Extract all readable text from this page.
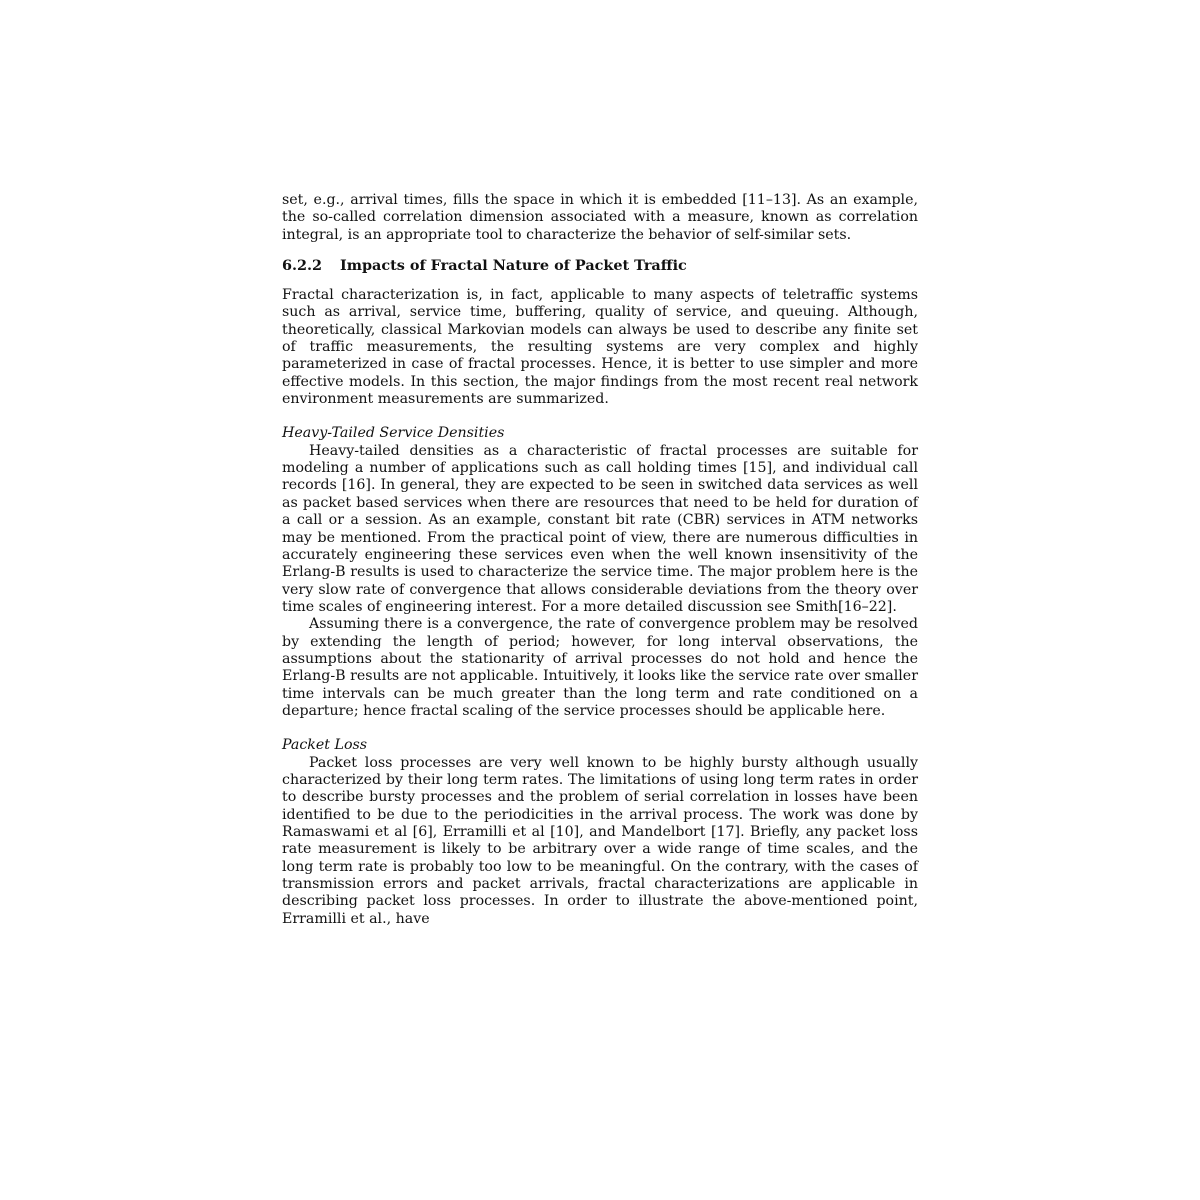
set, e.g., arrival times, fills the space in which it is embedded [11–13]. As an example, the so-called correlation dimension associated with a measure, known as correlation integral, is an appropriate tool to characterize the behavior of self-similar sets.

6.2.2 Impacts of Fractal Nature of Packet Traffic

Fractal characterization is, in fact, applicable to many aspects of teletraffic systems such as arrival, service time, buffering, quality of service, and queuing. Although, theoretically, classical Markovian models can always be used to describe any finite set of traffic measurements, the resulting systems are very complex and highly parameterized in case of fractal processes. Hence, it is better to use simpler and more effective models. In this section, the major findings from the most recent real network environment measurements are summarized.

Heavy-Tailed Service Densities

Heavy-tailed densities as a characteristic of fractal processes are suitable for modeling a number of applications such as call holding times [15], and individual call records [16]. In general, they are expected to be seen in switched data services as well as packet based services when there are resources that need to be held for duration of a call or a session. As an example, constant bit rate (CBR) services in ATM networks may be mentioned. From the practical point of view, there are numerous difficulties in accurately engineering these services even when the well known insensitivity of the Erlang-B results is used to characterize the service time. The major problem here is the very slow rate of convergence that allows considerable deviations from the theory over time scales of engineering interest. For a more detailed discussion see Smith[16–22].

Assuming there is a convergence, the rate of convergence problem may be resolved by extending the length of period; however, for long interval observations, the assumptions about the stationarity of arrival processes do not hold and hence the Erlang-B results are not applicable. Intuitively, it looks like the service rate over smaller time intervals can be much greater than the long term and rate conditioned on a departure; hence fractal scaling of the service processes should be applicable here.

Packet Loss

Packet loss processes are very well known to be highly bursty although usually characterized by their long term rates. The limitations of using long term rates in order to describe bursty processes and the problem of serial correlation in losses have been identified to be due to the periodicities in the arrival process. The work was done by Ramaswami et al [6], Erramilli et al [10], and Mandelbort [17]. Briefly, any packet loss rate measurement is likely to be arbitrary over a wide range of time scales, and the long term rate is probably too low to be meaningful. On the contrary, with the cases of transmission errors and packet arrivals, fractal characterizations are applicable in describing packet loss processes. In order to illustrate the above-mentioned point, Erramilli et al., have
